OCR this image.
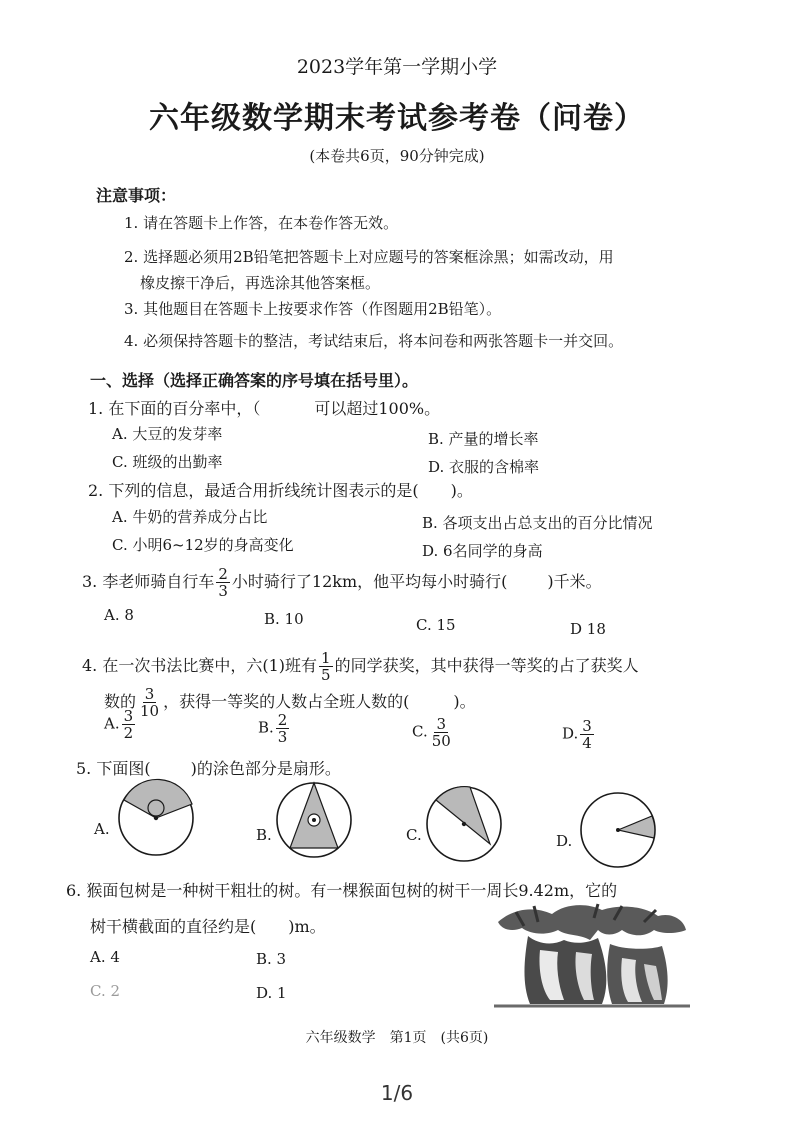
2023学年第一学期小学
六年级数学期末考试参考卷（问卷）
(本卷共6页，90分钟完成)
注意事项：
1. 请在答题卡上作答，在本卷作答无效。
2. 选择题必须用2B铅笔把答题卡上对应题号的答案框涂黑；如需改动，用
橡皮擦干净后，再选涂其他答案框。
3. 其他题目在答题卡上按要求作答（作图题用2B铅笔）。
4. 必须保持答题卡的整洁，考试结束后，将本问卷和两张答题卡一并交回。
一、选择（选择正确答案的序号填在括号里）。
1. 在下面的百分率中，（	可以超过100%。
A. 大豆的发芽率	B. 产量的增长率
C. 班级的出勤率	D. 衣服的含棉率
2. 下列的信息，最适合用折线统计图表示的是(　　)。
A. 牛奶的营养成分占比	B. 各项支出占总支出的百分比情况
C. 小明6~12岁的身高变化	D. 6名同学的身高
3. 李老师骑自行车 $\frac{2}{3}$ 小时骑行了12km，他平均每小时骑行(	)千米。
A. 8	B. 10	C. 15	D 18
4. 在一次书法比赛中，六(1)班有 $\frac{1}{5}$ 的同学获奖，其中获得一等奖的占了获奖人
数的 $\frac{3}{10}$ ，获得一等奖的人数占全班人数的(	)。
A. $\frac{3}{2}$	B. $\frac{2}{3}$	C. $\frac{3}{50}$	D. $\frac{3}{4}$
5. 下面图(	)的涂色部分是扇形。
A.	B.	C.	D.
6. 猴面包树是一种树干粗壮的树。有一棵猴面包树的树干一周长9.42m，它的
树干横截面的直径约是(　　)m。
A. 4	B. 3
C. 2	D. 1
六年级数学　第1页　(共6页)
1/6
